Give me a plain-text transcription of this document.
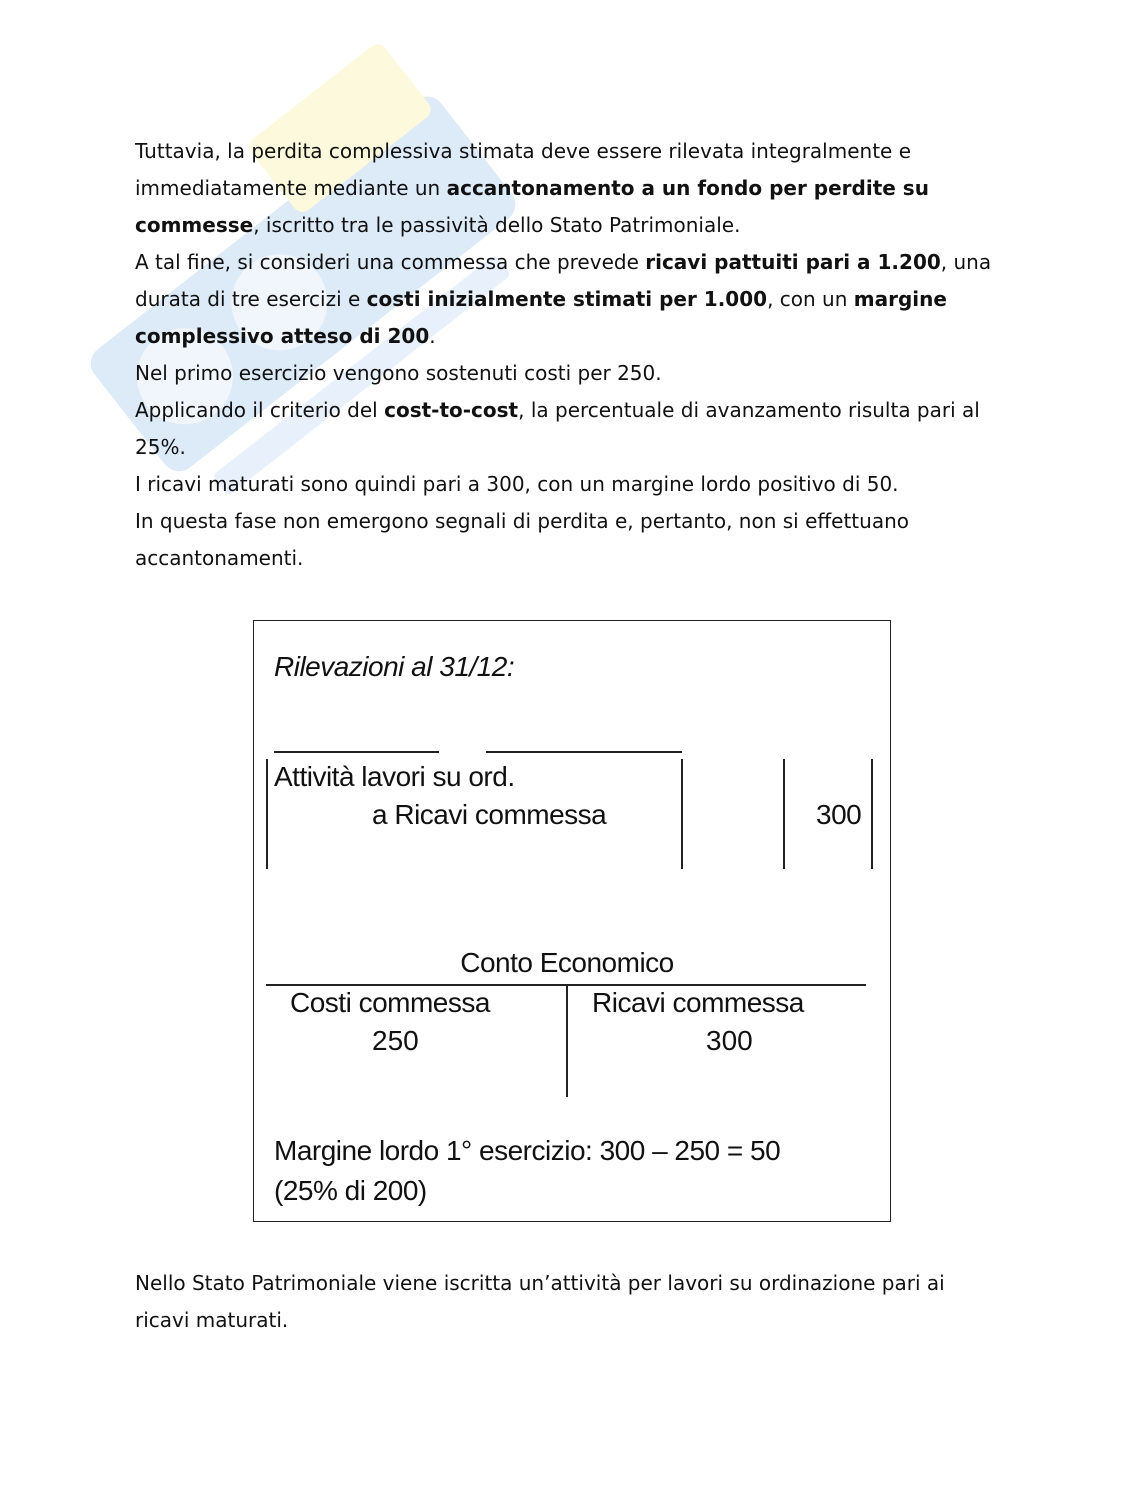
Tuttavia, la perdita complessiva stimata deve essere rilevata integralmente e

immediatamente mediante un accantonamento a un fondo per perdite su

commesse, iscritto tra le passività dello Stato Patrimoniale.

A tal fine, si consideri una commessa che prevede ricavi pattuiti pari a 1.200, una

durata di tre esercizi e costi inizialmente stimati per 1.000, con un margine

complessivo atteso di 200.

Nel primo esercizio vengono sostenuti costi per 250.

Applicando il criterio del cost-to-cost, la percentuale di avanzamento risulta pari al

25%.

I ricavi maturati sono quindi pari a 300, con un margine lordo positivo di 50.

In questa fase non emergono segnali di perdita e, pertanto, non si effettuano

accantonamenti.

Rilevazioni al 31/12:
Attività lavori su ord.
a Ricavi commessa	300
Conto Economico
Costi commessa
250
Ricavi commessa
300
Margine lordo 1° esercizio: 300 – 250 = 50
(25% di 200)

Nello Stato Patrimoniale viene iscritta un’attività per lavori su ordinazione pari ai

ricavi maturati.
